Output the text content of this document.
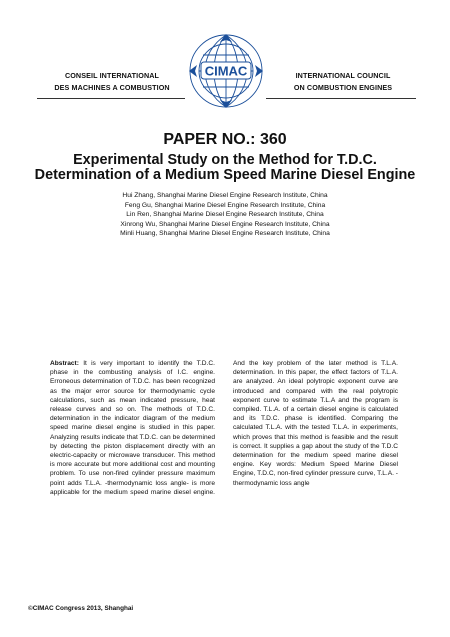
CONSEIL INTERNATIONAL
DES MACHINES A COMBUSTION
CIMAC	INTERNATIONAL COUNCIL
ON COMBUSTION ENGINES
PAPER NO.: 360
Experimental Study on the Method for T.D.C. Determination of a Medium Speed Marine Diesel Engine
Hui Zhang, Shanghai Marine Diesel Engine Research Institute, China
Feng Gu, Shanghai Marine Diesel Engine Research Institute, China
Lin Ren, Shanghai Marine Diesel Engine Research Institute, China
Xinrong Wu, Shanghai Marine Diesel Engine Research Institute, China
Minli Huang, Shanghai Marine Diesel Engine Research Institute, China
Abstract: It is very important to identify the T.D.C. phase in the combusting analysis of I.C. engine. Erroneous determination of T.D.C. has been recognized as the major error source for thermodynamic cycle calculations, such as mean indicated pressure, heat release curves and so on. The methods of T.D.C. determination in the indicator diagram of the medium speed marine diesel engine is studied in this paper. Analyzing results indicate that T.D.C. can be determined by detecting the piston displacement directly with an electric-capacity or microwave transducer. This method is more accurate but more additional cost and mounting problem. To use non-fired cylinder pressure maximum point adds T.L.A. -thermodynamic loss angle- is more applicable for the medium speed marine diesel engine. And the key problem of the later method is T.L.A. determination. In this paper, the effect factors of T.L.A. are analyzed. An ideal polytropic exponent curve are introduced and compared with the real polytropic exponent curve to estimate T.L.A and the program is compiled. T.L.A. of a certain diesel engine is calculated and its T.D.C. phase is identified. Comparing the calculated T.L.A. with the tested T.L.A. in experiments, which proves that this method is feasible and the result is correct. It supplies a gap about the study of the T.D.C determination for the medium speed marine diesel engine. Key words: Medium Speed Marine Diesel Engine, T.D.C, non-fired cylinder pressure curve, T.L.A. -thermodynamic loss angle
©CIMAC Congress 2013, Shanghai
